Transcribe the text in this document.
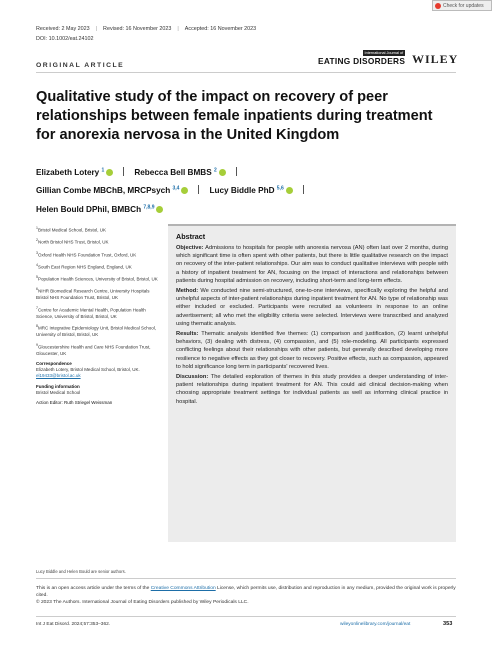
Check for updates
Received: 2 May 2023 | Revised: 16 November 2023 | Accepted: 16 November 2023
DOI: 10.1002/eat.24102
ORIGINAL ARTICLE
International Journal of
EATING DISORDERS WILEY
Qualitative study of the impact on recovery of peer relationships between female inpatients during treatment for anorexia nervosa in the United Kingdom
Elizabeth Lotery $^1$	Rebecca Bell BMBS $^2$
Gillian Combe MBChB, MRCPsych $^{3,4}$	Lucy Biddle PhD $^{5,6}$
Helen Bould DPhil, BMBCh $^{7,8,9}$
$^1$Bristol Medical School, Bristol, UK
$^2$North Bristol NHS Trust, Bristol, UK
$^3$Oxford Health NHS Foundation Trust, Oxford, UK
$^4$South East Region NHS England, England, UK
$^5$Population Health Sciences, University of Bristol, Bristol, UK
$^6$NIHR Biomedical Research Centre, University Hospitals Bristol NHS Foundation Trust, Bristol, UK
$^7$Centre for Academic Mental Health, Population Health Science, University of Bristol, Bristol, UK
$^8$MRC Integrative Epidemiology Unit, Bristol Medical School, University of Bristol, Bristol, UK
$^9$Gloucestershire Health and Care NHS Foundation Trust, Gloucester, UK
Correspondence
Elizabeth Lotery, Bristol Medical School, Bristol, UK.
el19433@bristol.ac.uk
Funding information
Bristol Medical School
Action Editor: Ruth Striegel Weissman
Abstract

Objective: Admissions to hospitals for people with anorexia nervosa (AN) often last over 2 months, during which significant time is often spent with other patients, but there is little qualitative research on the impact on recovery of the inter-patient relationships. Our aim was to conduct qualitative interviews with people with a history of inpatient treatment for AN, focusing on the impact of interactions and relationships between patients during hospital admission on recovery, including short-term and long-term effects.

Method: We conducted nine semi-structured, one-to-one interviews, specifically exploring the helpful and unhelpful aspects of inter-patient relationships during inpatient treatment for AN. No type of relationship was either included or excluded. Participants were recruited as volunteers in response to an online advertisement; all who met the eligibility criteria were selected. Interviews were transcribed and analyzed using thematic analysis.

Results: Thematic analysis identified five themes: (1) comparison and justification, (2) learnt unhelpful behaviors, (3) dealing with distress, (4) compassion, and (5) role-modeling. All participants expressed conflicting feelings about their relationships with other patients, but generally described developing more resilience to negative effects as they got closer to recovery. Positive effects, such as compassion, appeared to hold significance long term in participants' recovered lives.

Discussion: The detailed exploration of themes in this study provides a deeper understanding of inter-patient relationships during inpatient treatment for AN. This could aid clinical decision-making when choosing appropriate treatment settings for individual patients as well as informing clinical practice in hospital.

Lucy Biddle and Helen Bould are senior authors.
This is an open access article under the terms of the Creative Commons Attribution License, which permits use, distribution and reproduction in any medium, provided the original work is properly cited.
© 2023 The Authors. International Journal of Eating Disorders published by Wiley Periodicals LLC.
Int J Eat Disord. 2024;57:353–362.	wileyonlinelibrary.com/journal/eat	353
